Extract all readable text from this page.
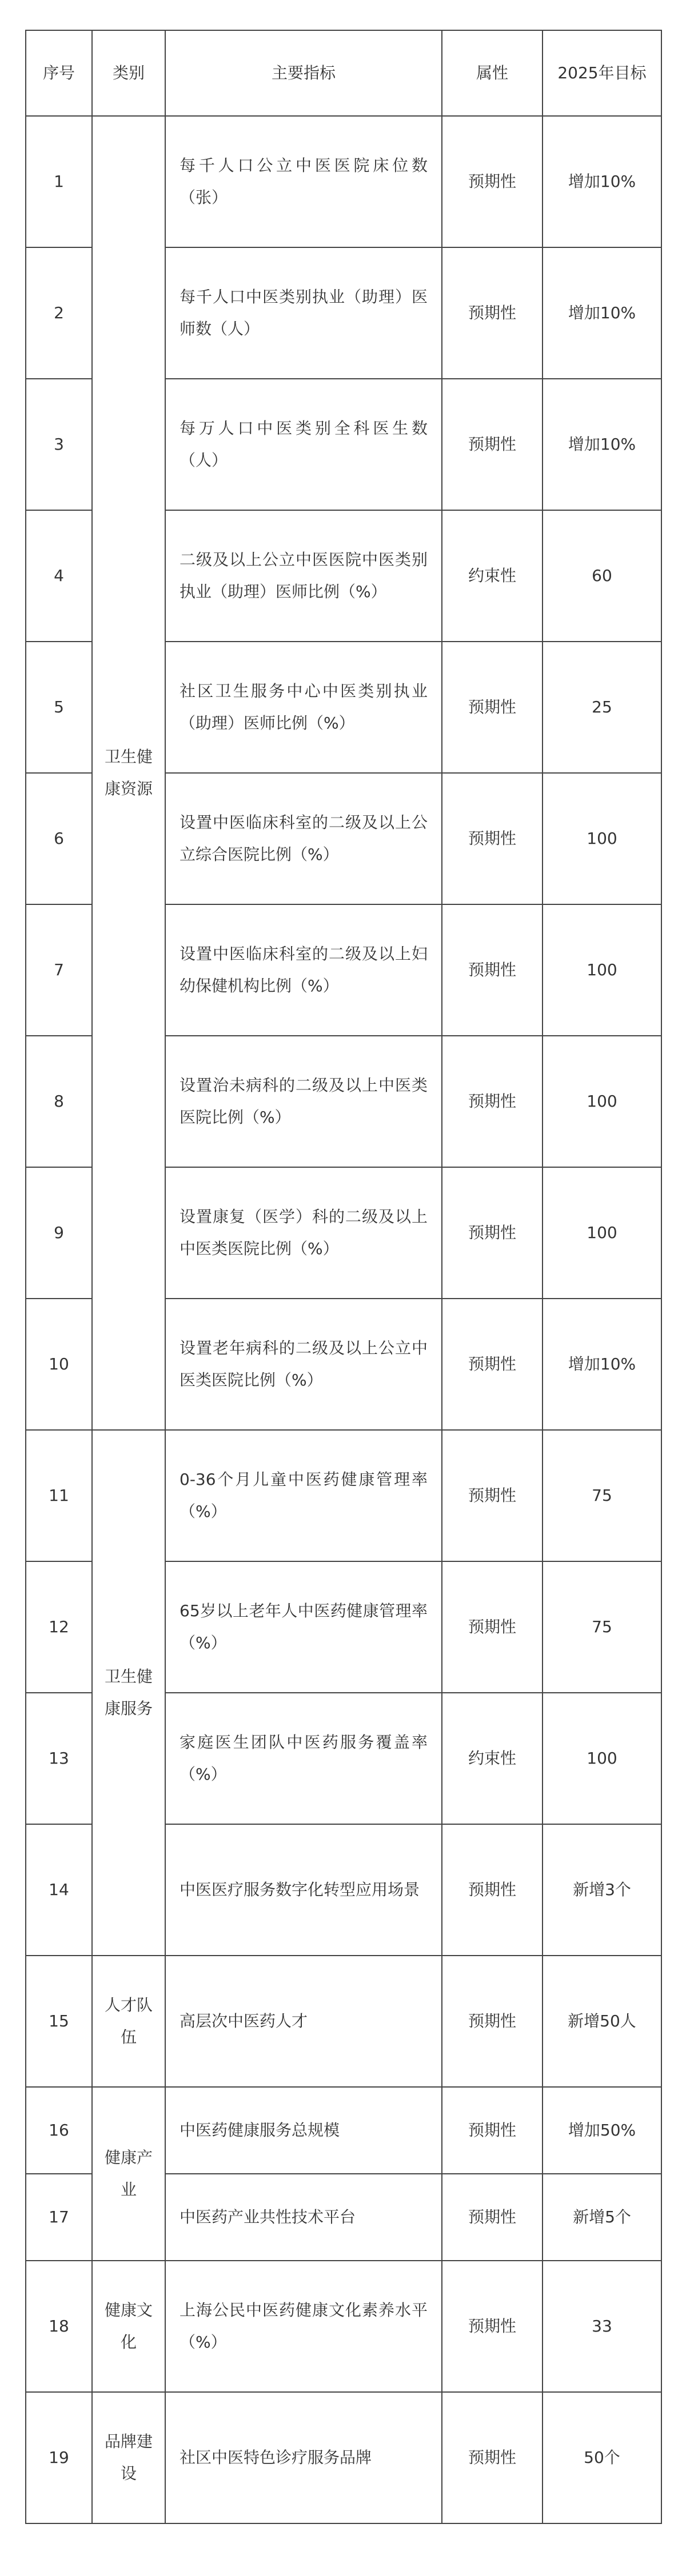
序号	类别	主要指标	属性	2025年目标
1	卫生健康资源	每千人口公立中医医院床位数（张）	预期性	增加10%
2		每千人口中医类别执业（助理）医师数（人）	预期性	增加10%
3		每万人口中医类别全科医生数（人）	预期性	增加10%
4		二级及以上公立中医医院中医类别执业（助理）医师比例（%）	约束性	60
5		社区卫生服务中心中医类别执业（助理）医师比例（%）	预期性	25
6		设置中医临床科室的二级及以上公立综合医院比例（%）	预期性	100
7		设置中医临床科室的二级及以上妇幼保健机构比例（%）	预期性	100
8		设置治未病科的二级及以上中医类医院比例（%）	预期性	100
9		设置康复（医学）科的二级及以上中医类医院比例（%）	预期性	100
10		设置老年病科的二级及以上公立中医类医院比例（%）	预期性	增加10%
11	卫生健康服务	0-36个月儿童中医药健康管理率（%）	预期性	75
12		65岁以上老年人中医药健康管理率（%）	预期性	75
13		家庭医生团队中医药服务覆盖率（%）	约束性	100
14		中医医疗服务数字化转型应用场景	预期性	新增3个
15	人才队伍	高层次中医药人才	预期性	新增50人
16	健康产业	中医药健康服务总规模	预期性	增加50%
17		中医药产业共性技术平台	预期性	新增5个
18	健康文化	上海公民中医药健康文化素养水平（%）	预期性	33
19	品牌建设	社区中医特色诊疗服务品牌	预期性	50个
